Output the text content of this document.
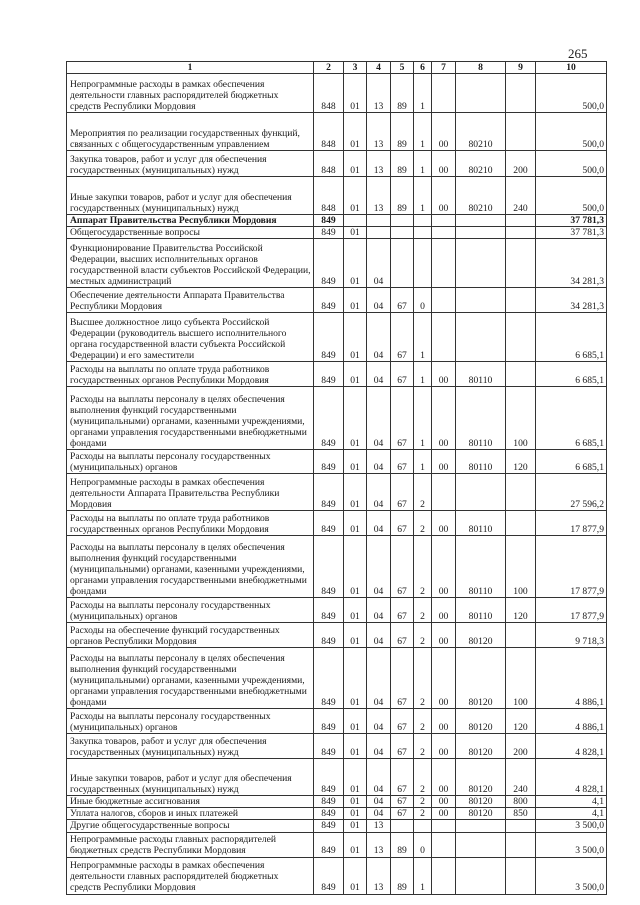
265
1	2	3	4	5	6	7	8	9	10
Непрограммные расходы в рамках обеспечения деятельности главных распорядителей бюджетных средств Республики Мордовия	848	01	13	89	1				500,0
Мероприятия по реализации государственных функций, связанных с общегосударственным управлением	848	01	13	89	1	00	80210		500,0
Закупка товаров, работ и услуг для обеспечения государственных (муниципальных) нужд	848	01	13	89	1	00	80210	200	500,0
Иные закупки товаров, работ и услуг для обеспечения государственных (муниципальных) нужд	848	01	13	89	1	00	80210	240	500,0
Аппарат Правительства Республики Мордовия	849								37 781,3
Общегосударственные вопросы	849	01							37 781,3
Функционирование Правительства Российской Федерации, высших исполнительных органов государственной власти субъектов Российской Федерации, местных администраций	849	01	04						34 281,3
Обеспечение деятельности Аппарата Правительства Республики Мордовия	849	01	04	67	0				34 281,3
Высшее должностное лицо субъекта Российской Федерации (руководитель высшего исполнительного органа государственной власти субъекта Российской Федерации) и его заместители	849	01	04	67	1				6 685,1
Расходы на выплаты по оплате труда работников государственных органов Республики Мордовия	849	01	04	67	1	00	80110		6 685,1
Расходы на выплаты персоналу в целях обеспечения выполнения функций государственными (муниципальными) органами, казенными учреждениями, органами управления государственными внебюджетными фондами	849	01	04	67	1	00	80110	100	6 685,1
Расходы на выплаты персоналу государственных (муниципальных) органов	849	01	04	67	1	00	80110	120	6 685,1
Непрограммные расходы в рамках обеспечения деятельности Аппарата Правительства Республики Мордовия	849	01	04	67	2				27 596,2
Расходы на выплаты по оплате труда работников государственных органов Республики Мордовия	849	01	04	67	2	00	80110		17 877,9
Расходы на выплаты персоналу в целях обеспечения выполнения функций государственными (муниципальными) органами, казенными учреждениями, органами управления государственными внебюджетными фондами	849	01	04	67	2	00	80110	100	17 877,9
Расходы на выплаты персоналу государственных (муниципальных) органов	849	01	04	67	2	00	80110	120	17 877,9
Расходы на обеспечение функций государственных органов Республики Мордовия	849	01	04	67	2	00	80120		9 718,3
Расходы на выплаты персоналу в целях обеспечения выполнения функций государственными (муниципальными) органами, казенными учреждениями, органами управления государственными внебюджетными фондами	849	01	04	67	2	00	80120	100	4 886,1
Расходы на выплаты персоналу государственных (муниципальных) органов	849	01	04	67	2	00	80120	120	4 886,1
Закупка товаров, работ и услуг для обеспечения государственных (муниципальных) нужд	849	01	04	67	2	00	80120	200	4 828,1
Иные закупки товаров, работ и услуг для обеспечения государственных (муниципальных) нужд	849	01	04	67	2	00	80120	240	4 828,1
Иные бюджетные ассигнования	849	01	04	67	2	00	80120	800	4,1
Уплата налогов, сборов и иных платежей	849	01	04	67	2	00	80120	850	4,1
Другие общегосударственные вопросы	849	01	13						3 500,0
Непрограммные расходы главных распорядителей бюджетных средств Республики Мордовия	849	01	13	89	0				3 500,0
Непрограммные расходы в рамках обеспечения деятельности главных распорядителей бюджетных средств Республики Мордовия	849	01	13	89	1				3 500,0
